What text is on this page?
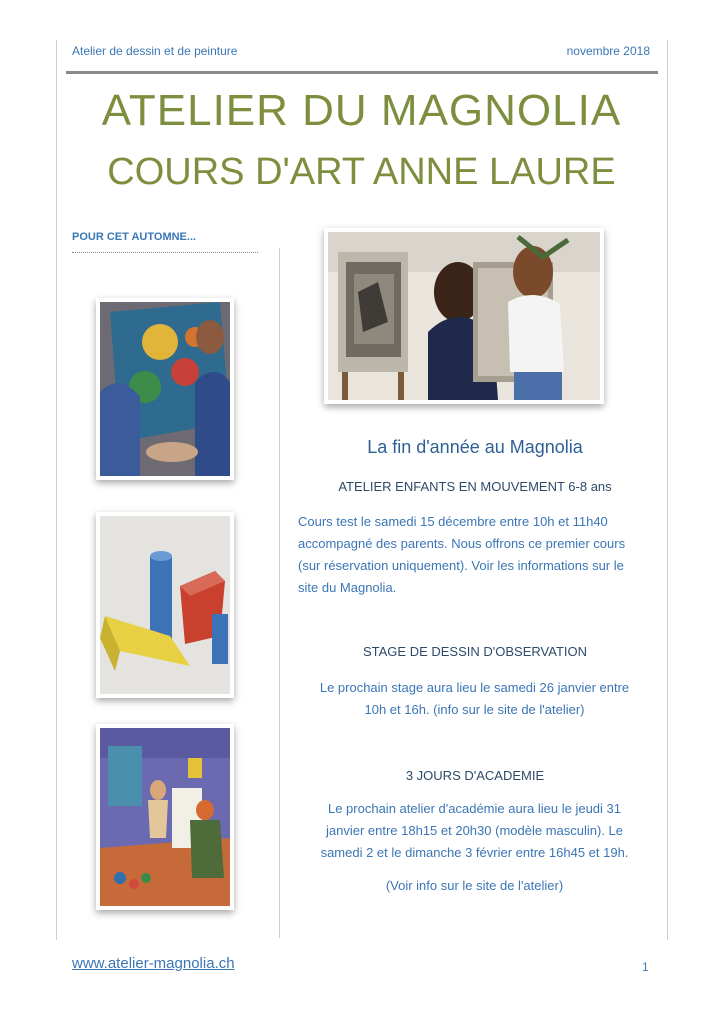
Atelier de dessin et de peinture	novembre 2018
ATELIER DU MAGNOLIA
COURS D'ART ANNE LAURE
POUR CET AUTOMNE...
La fin d'année au Magnolia
ATELIER ENFANTS EN MOUVEMENT 6-8 ans
Cours test le samedi 15 décembre entre 10h et 11h40
accompagné des parents. Nous offrons ce premier cours
(sur réservation uniquement). Voir les informations sur le
site du Magnolia.
STAGE DE DESSIN D'OBSERVATION
Le prochain stage aura lieu le samedi 26 janvier entre
10h et 16h. (info sur le site de l'atelier)
3 JOURS D'ACADEMIE
Le prochain atelier d'académie aura lieu le jeudi 31
janvier entre 18h15 et 20h30 (modèle masculin). Le
samedi 2 et le dimanche 3 février entre 16h45 et 19h.
(Voir info sur le site de l'atelier)
www.atelier-magnolia.ch	1
